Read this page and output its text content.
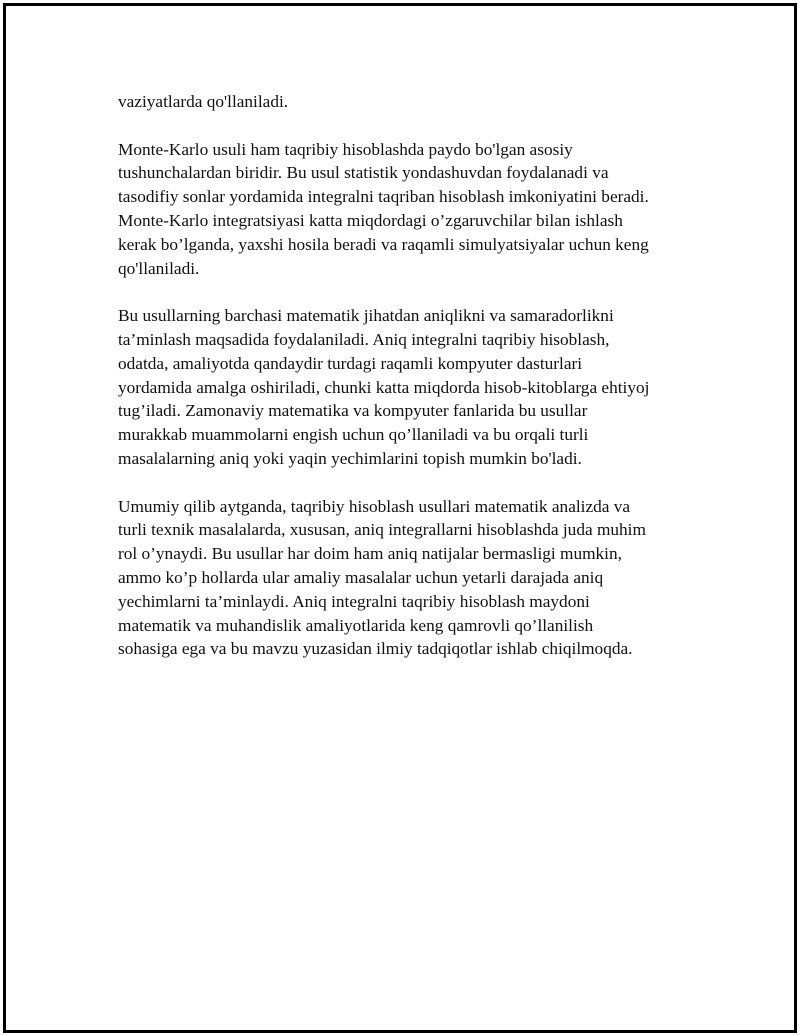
vaziyatlarda qo'llaniladi.

Monte-Karlo usuli ham taqribiy hisoblashda paydo bo'lgan asosiy
tushunchalardan biridir. Bu usul statistik yondashuvdan foydalanadi va
tasodifiy sonlar yordamida integralni taqriban hisoblash imkoniyatini beradi.
Monte-Karlo integratsiyasi katta miqdordagi o’zgaruvchilar bilan ishlash
kerak bo’lganda, yaxshi hosila beradi va raqamli simulyatsiyalar uchun keng
qo'llaniladi.

Bu usullarning barchasi matematik jihatdan aniqlikni va samaradorlikni
ta’minlash maqsadida foydalaniladi. Aniq integralni taqribiy hisoblash,
odatda, amaliyotda qandaydir turdagi raqamli kompyuter dasturlari
yordamida amalga oshiriladi, chunki katta miqdorda hisob-kitoblarga ehtiyoj
tug’iladi. Zamonaviy matematika va kompyuter fanlarida bu usullar
murakkab muammolarni engish uchun qo’llaniladi va bu orqali turli
masalalarning aniq yoki yaqin yechimlarini topish mumkin bo'ladi.

Umumiy qilib aytganda, taqribiy hisoblash usullari matematik analizda va
turli texnik masalalarda, xususan, aniq integrallarni hisoblashda juda muhim
rol o’ynaydi. Bu usullar har doim ham aniq natijalar bermasligi mumkin,
ammo ko’p hollarda ular amaliy masalalar uchun yetarli darajada aniq
yechimlarni ta’minlaydi. Aniq integralni taqribiy hisoblash maydoni
matematik va muhandislik amaliyotlarida keng qamrovli qo’llanilish
sohasiga ega va bu mavzu yuzasidan ilmiy tadqiqotlar ishlab chiqilmoqda.
